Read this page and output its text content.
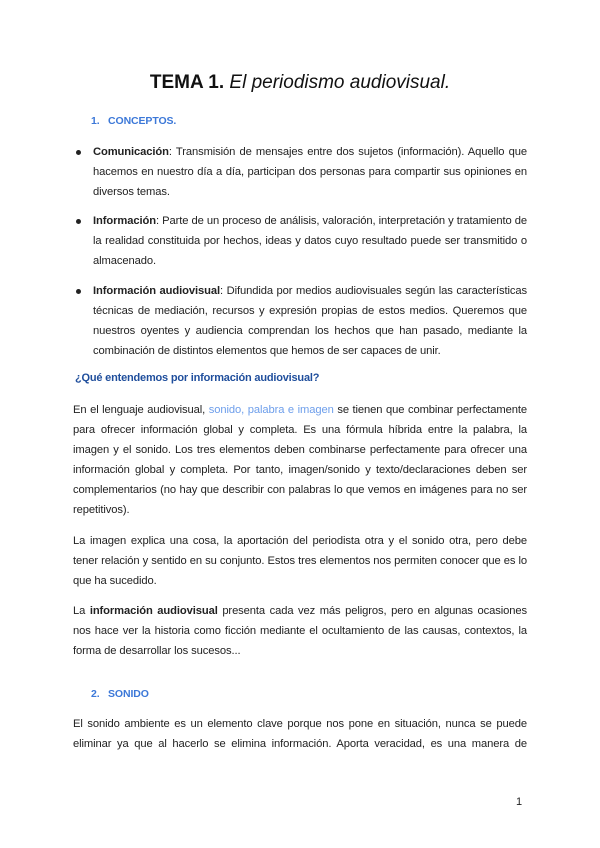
TEMA 1. El periodismo audiovisual.
1. CONCEPTOS.
Comunicación: Transmisión de mensajes entre dos sujetos (información). Aquello que hacemos en nuestro día a día, participan dos personas para compartir sus opiniones en diversos temas.
Información: Parte de un proceso de análisis, valoración, interpretación y tratamiento de la realidad constituida por hechos, ideas y datos cuyo resultado puede ser transmitido o almacenado.
Información audiovisual: Difundida por medios audiovisuales según las características técnicas de mediación, recursos y expresión propias de estos medios. Queremos que nuestros oyentes y audiencia comprendan los hechos que han pasado, mediante la combinación de distintos elementos que hemos de ser capaces de unir.
¿Qué entendemos por información audiovisual?
En el lenguaje audiovisual, sonido, palabra e imagen se tienen que combinar perfectamente para ofrecer información global y completa. Es una fórmula híbrida entre la palabra, la imagen y el sonido. Los tres elementos deben combinarse perfectamente para ofrecer una información global y completa. Por tanto, imagen/sonido y texto/declaraciones deben ser complementarios (no hay que describir con palabras lo que vemos en imágenes para no ser repetitivos).
La imagen explica una cosa, la aportación del periodista otra y el sonido otra, pero debe tener relación y sentido en su conjunto. Estos tres elementos nos permiten conocer que es lo que ha sucedido.
La información audiovisual presenta cada vez más peligros, pero en algunas ocasiones nos hace ver la historia como ficción mediante el ocultamiento de las causas, contextos, la forma de desarrollar los sucesos...
2. SONIDO
El sonido ambiente es un elemento clave porque nos pone en situación, nunca se puede eliminar ya que al hacerlo se elimina información. Aporta veracidad, es una manera de
1
